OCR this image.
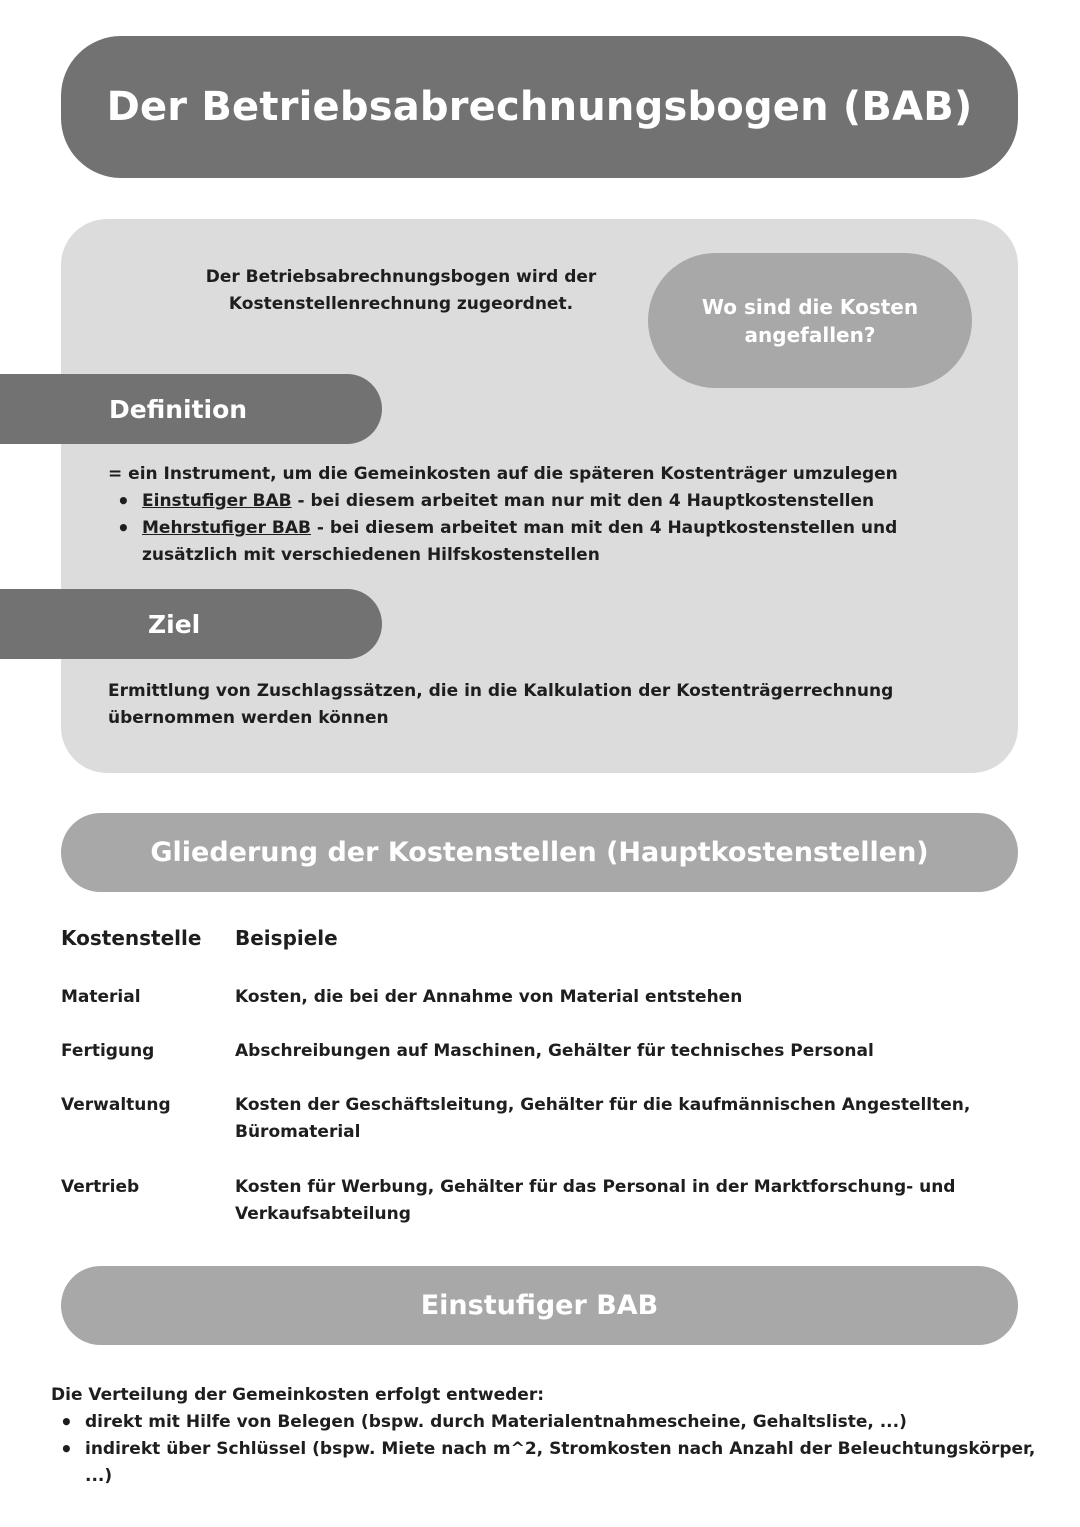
Der Betriebsabrechnungsbogen (BAB)
Der Betriebsabrechnungsbogen wird der
Kostenstellenrechnung zugeordnet.	Wo sind die Kosten
angefallen?
Definition
= ein Instrument, um die Gemeinkosten auf die späteren Kostenträger umzulegen
• Einstufiger BAB - bei diesem arbeitet man nur mit den 4 Hauptkostenstellen
• Mehrstufiger BAB - bei diesem arbeitet man mit den 4 Hauptkostenstellen und zusätzlich mit verschiedenen Hilfskostenstellen
Ziel
Ermittlung von Zuschlagssätzen, die in die Kalkulation der Kostenträgerrechnung
übernommen werden können
Gliederung der Kostenstellen (Hauptkostenstellen)
Kostenstelle Beispiele
Material	Kosten, die bei der Annahme von Material entstehen
Fertigung	Abschreibungen auf Maschinen, Gehälter für technisches Personal
Verwaltung	Kosten der Geschäftsleitung, Gehälter für die kaufmännischen Angestellten, Büromaterial
Vertrieb	Kosten für Werbung, Gehälter für das Personal in der Marktforschung- und Verkaufsabteilung
Einstufiger BAB
Die Verteilung der Gemeinkosten erfolgt entweder:
• direkt mit Hilfe von Belegen (bspw. durch Materialentnahmescheine, Gehaltsliste, ...)
• indirekt über Schlüssel (bspw. Miete nach m^2, Stromkosten nach Anzahl der Beleuchtungskörper, ...)
